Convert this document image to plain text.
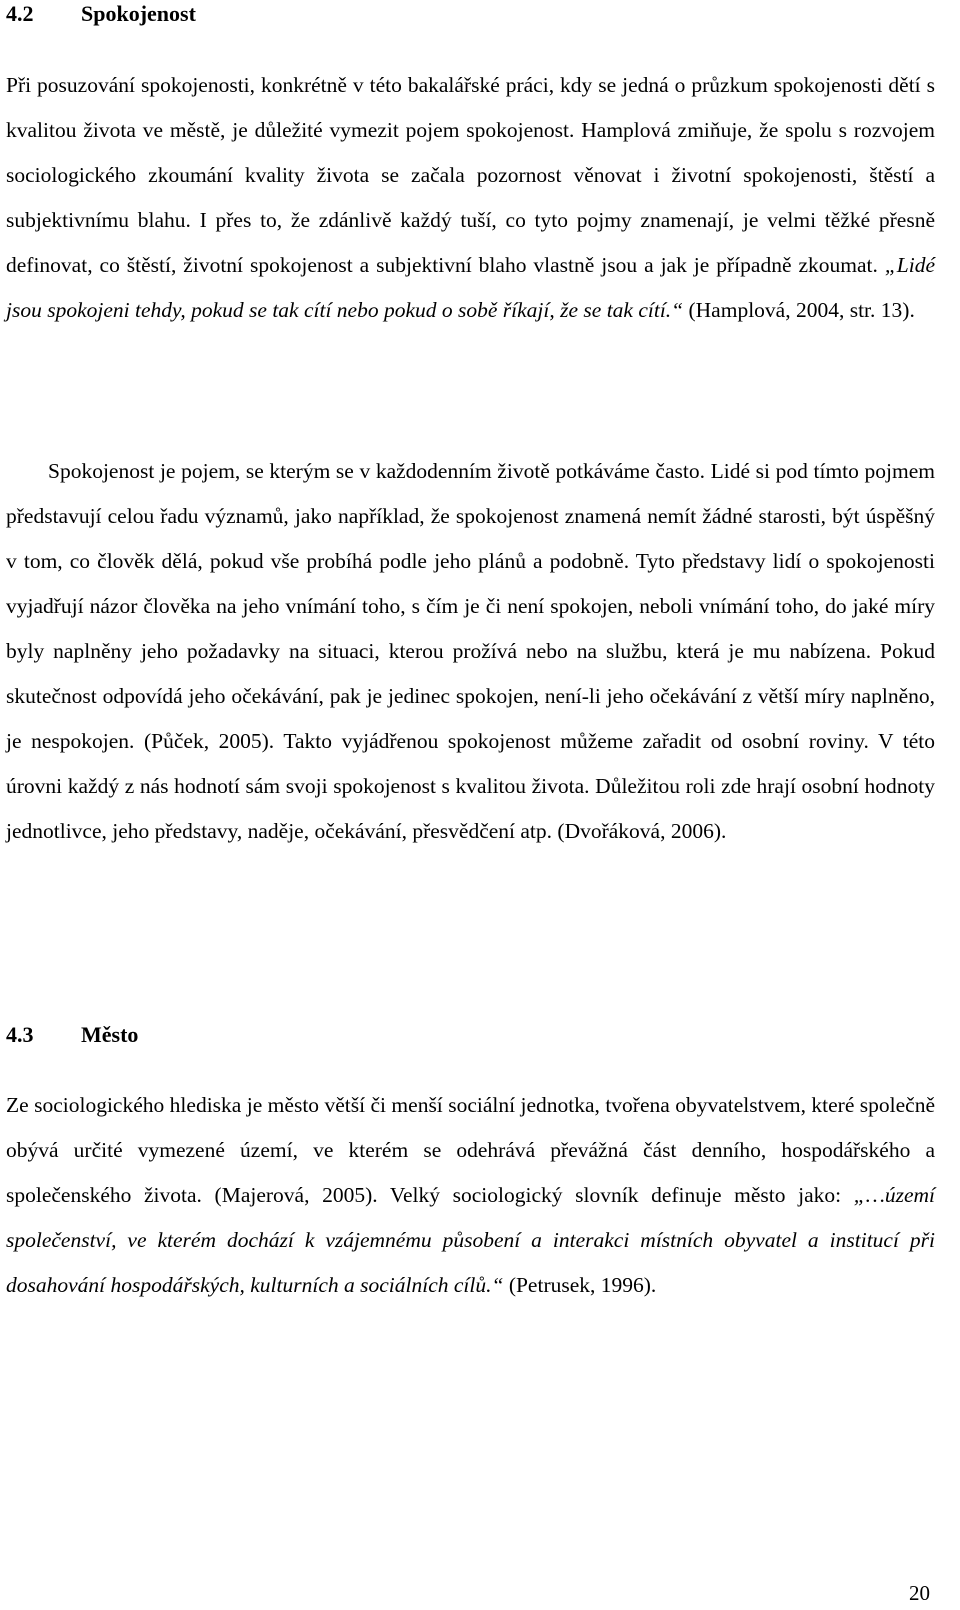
4.2 Spokojenost

Při posuzování spokojenosti, konkrétně v této bakalářské práci, kdy se jedná o průzkum spokojenosti dětí s kvalitou života ve městě, je důležité vymezit pojem spokojenost. Hamplová zmiňuje, že spolu s rozvojem sociologického zkoumání kvality života se začala pozornost věnovat i životní spokojenosti, štěstí a subjektivnímu blahu. I přes to, že zdánlivě každý tuší, co tyto pojmy znamenají, je velmi těžké přesně definovat, co štěstí, životní spokojenost a subjektivní blaho vlastně jsou a jak je případně zkoumat. „Lidé jsou spokojeni tehdy, pokud se tak cítí nebo pokud o sobě říkají, že se tak cítí.“ (Hamplová, 2004, str. 13).

Spokojenost je pojem, se kterým se v každodenním životě potkáváme často. Lidé si pod tímto pojmem představují celou řadu významů, jako například, že spokojenost znamená nemít žádné starosti, být úspěšný v tom, co člověk dělá, pokud vše probíhá podle jeho plánů a podobně. Tyto představy lidí o spokojenosti vyjadřují názor člověka na jeho vnímání toho, s čím je či není spokojen, neboli vnímání toho, do jaké míry byly naplněny jeho požadavky na situaci, kterou prožívá nebo na službu, která je mu nabízena. Pokud skutečnost odpovídá jeho očekávání, pak je jedinec spokojen, není-li jeho očekávání z větší míry naplněno, je nespokojen. (Půček, 2005). Takto vyjádřenou spokojenost můžeme zařadit od osobní roviny. V této úrovni každý z nás hodnotí sám svoji spokojenost s kvalitou života. Důležitou roli zde hrají osobní hodnoty jednotlivce, jeho představy, naděje, očekávání, přesvědčení atp. (Dvořáková, 2006).

4.3 Město

Ze sociologického hlediska je město větší či menší sociální jednotka, tvořena obyvatelstvem, které společně obývá určité vymezené území, ve kterém se odehrává převážná část denního, hospodářského a společenského života. (Majerová, 2005). Velký sociologický slovník definuje město jako: „…území společenství, ve kterém dochází k vzájemnému působení a interakci místních obyvatel a institucí při dosahování hospodářských, kulturních a sociálních cílů.“ (Petrusek, 1996).

20
